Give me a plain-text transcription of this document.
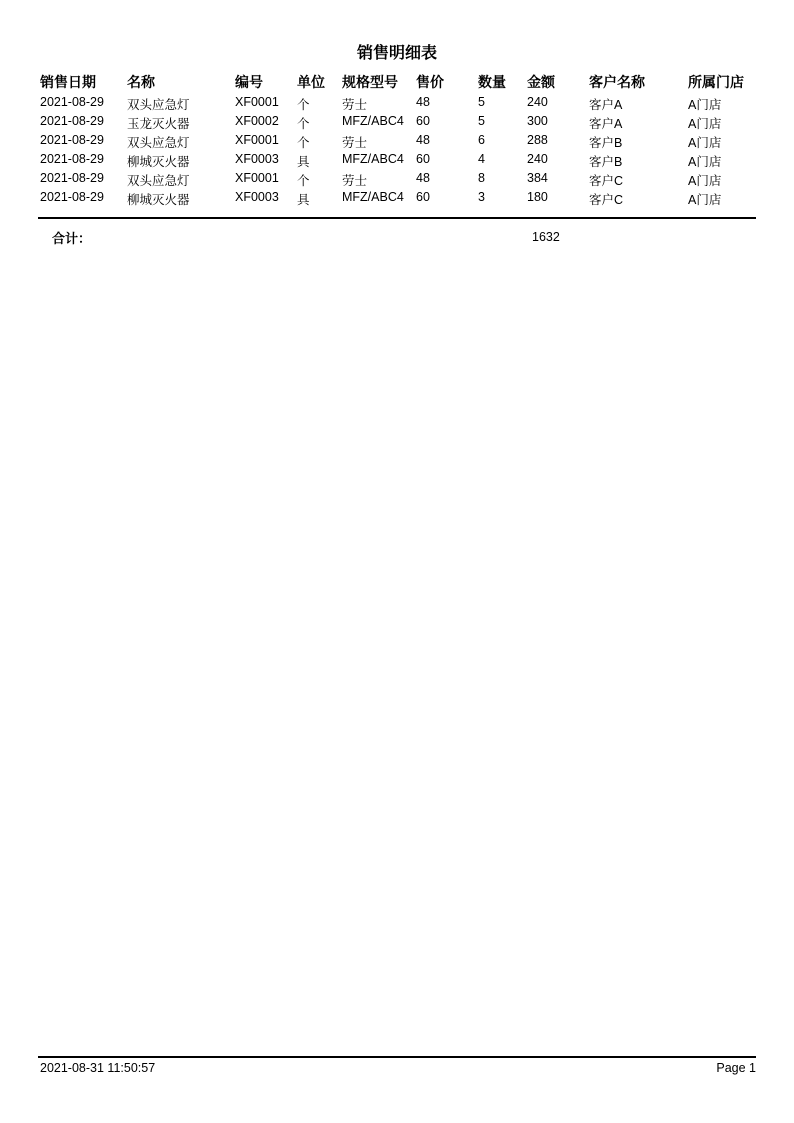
销售明细表
销售日期 名称	编号 单位 规格型号 售价 数量 金额 客户名称	所属门店
2021-08-29 双头应急灯	XF0001 个	劳士	48	5	240	客户A	A门店
2021-08-29 玉龙灭火器	XF0002 个	MFZ/ABC4 60	5	300	客户A	A门店
2021-08-29 双头应急灯	XF0001 个	劳士	48	6	288	客户B	A门店
2021-08-29 柳城灭火器	XF0003 具	MFZ/ABC4 60	4	240	客户B	A门店
2021-08-29 双头应急灯	XF0001 个	劳士	48	8	384	客户C	A门店
2021-08-29 柳城灭火器	XF0003 具	MFZ/ABC4 60	3	180	客户C	A门店
合计：	1632
2021-08-31 11:50:57	Page 1
